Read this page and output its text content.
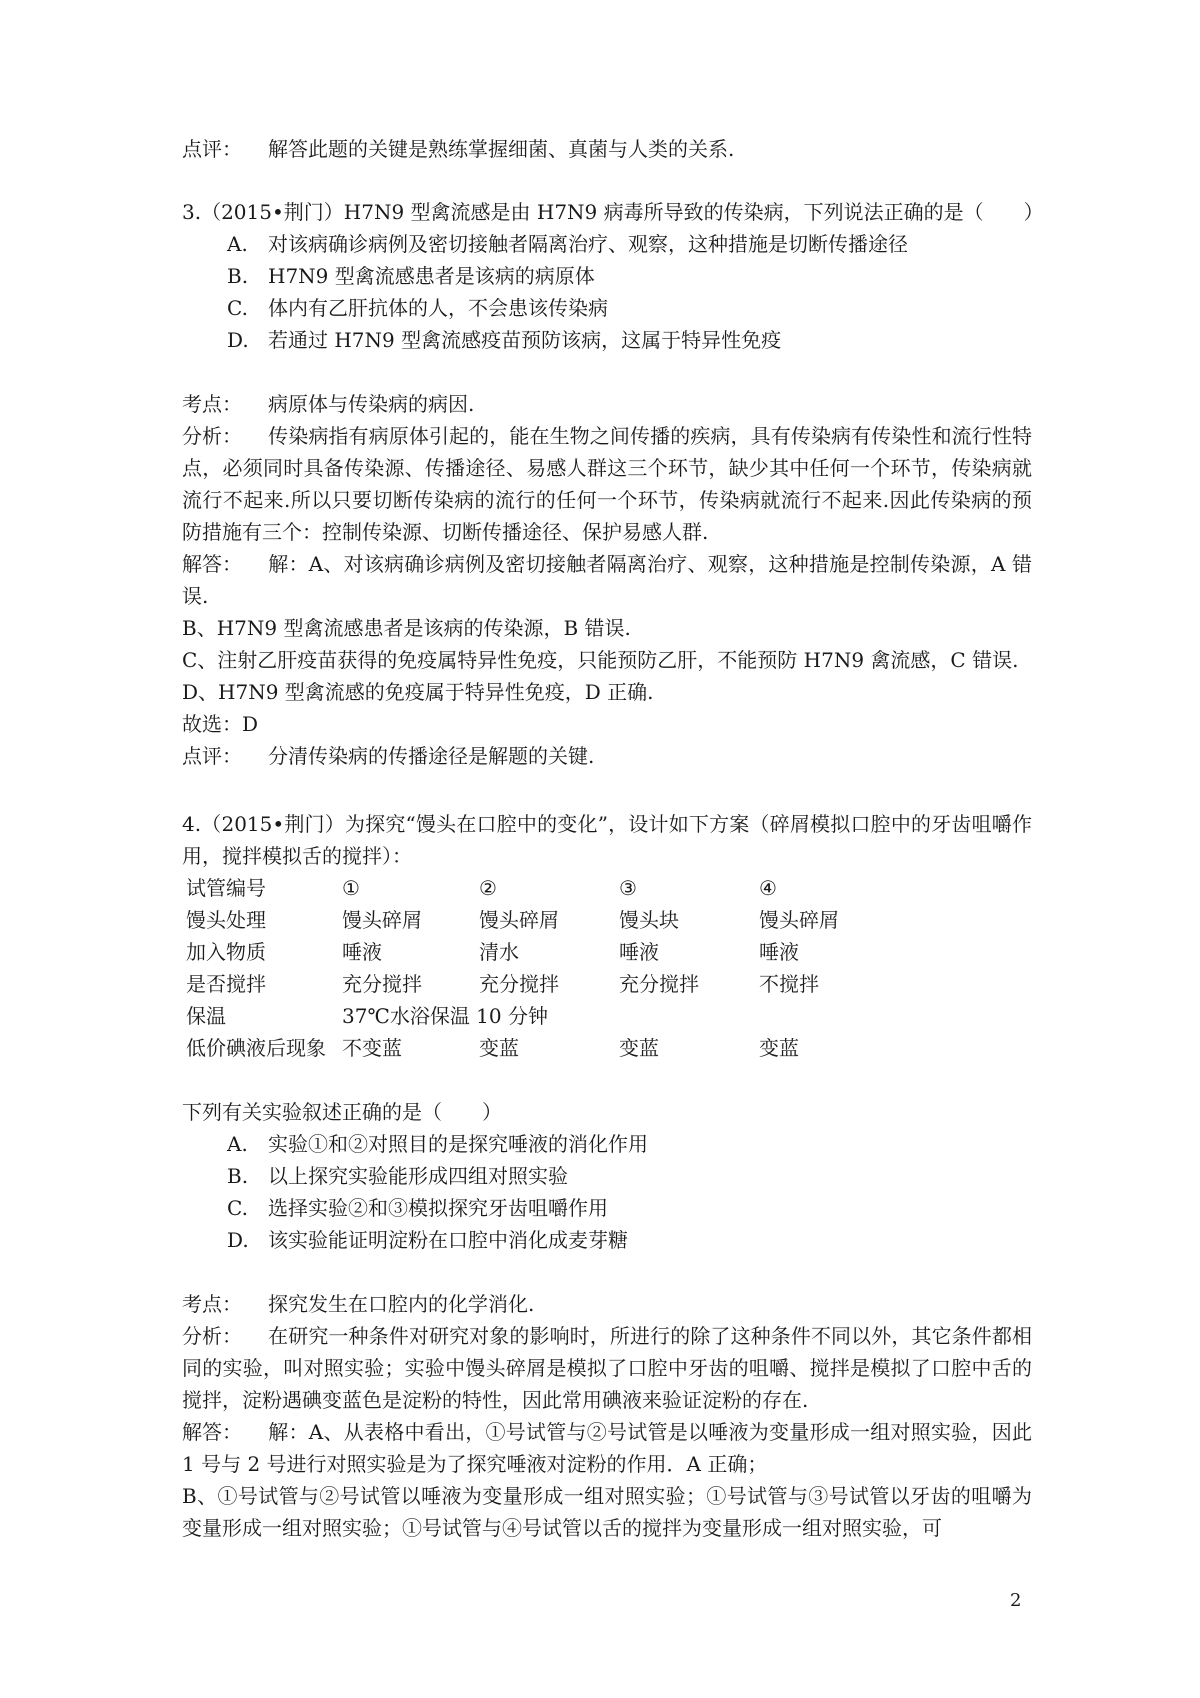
点评： 解答此题的关键是熟练掌握细菌、真菌与人类的关系.
3.（2015•荆门）H7N9 型禽流感是由 H7N9 病毒所导致的传染病，下列说法正确的是（　　）
A. 对该病确诊病例及密切接触者隔离治疗、观察，这种措施是切断传播途径
B. H7N9 型禽流感患者是该病的病原体
C. 体内有乙肝抗体的人，不会患该传染病
D. 若通过 H7N9 型禽流感疫苗预防该病，这属于特异性免疫
考点： 病原体与传染病的病因.
分析： 传染病指有病原体引起的，能在生物之间传播的疾病，具有传染病有传染性和流行性特点，必须同时具备传染源、传播途径、易感人群这三个环节，缺少其中任何一个环节，传染病就流行不起来.所以只要切断传染病的流行的任何一个环节，传染病就流行不起来.因此传染病的预防措施有三个：控制传染源、切断传播途径、保护易感人群.
解答： 解：A、对该病确诊病例及密切接触者隔离治疗、观察，这种措施是控制传染源，A 错误.
B、H7N9 型禽流感患者是该病的传染源，B 错误.
C、注射乙肝疫苗获得的免疫属特异性免疫，只能预防乙肝，不能预防 H7N9 禽流感，C 错误.
D、H7N9 型禽流感的免疫属于特异性免疫，D 正确.
故选：D
点评： 分清传染病的传播途径是解题的关键.
4.（2015•荆门）为探究“馒头在口腔中的变化”，设计如下方案（碎屑模拟口腔中的牙齿咀嚼作用，搅拌模拟舌的搅拌）：
试管编号	①	②	③	④
馒头处理	馒头碎屑	馒头碎屑	馒头块	馒头碎屑
加入物质	唾液	清水	唾液	唾液
是否搅拌	充分搅拌	充分搅拌	充分搅拌	不搅拌
保温	37℃水浴保温 10 分钟			
低价碘液后现象	不变蓝	变蓝	变蓝	变蓝
下列有关实验叙述正确的是（　　）
A. 实验①和②对照目的是探究唾液的消化作用
B. 以上探究实验能形成四组对照实验
C. 选择实验②和③模拟探究牙齿咀嚼作用
D. 该实验能证明淀粉在口腔中消化成麦芽糖
考点： 探究发生在口腔内的化学消化.
分析： 在研究一种条件对研究对象的影响时，所进行的除了这种条件不同以外，其它条件都相同的实验，叫对照实验；实验中馒头碎屑是模拟了口腔中牙齿的咀嚼、搅拌是模拟了口腔中舌的搅拌，淀粉遇碘变蓝色是淀粉的特性，因此常用碘液来验证淀粉的存在.
解答： 解：A、从表格中看出，①号试管与②号试管是以唾液为变量形成一组对照实验，因此 1 号与 2 号进行对照实验是为了探究唾液对淀粉的作用．A 正确；
B、①号试管与②号试管以唾液为变量形成一组对照实验；①号试管与③号试管以牙齿的咀嚼为变量形成一组对照实验；①号试管与④号试管以舌的搅拌为变量形成一组对照实验，可
2
